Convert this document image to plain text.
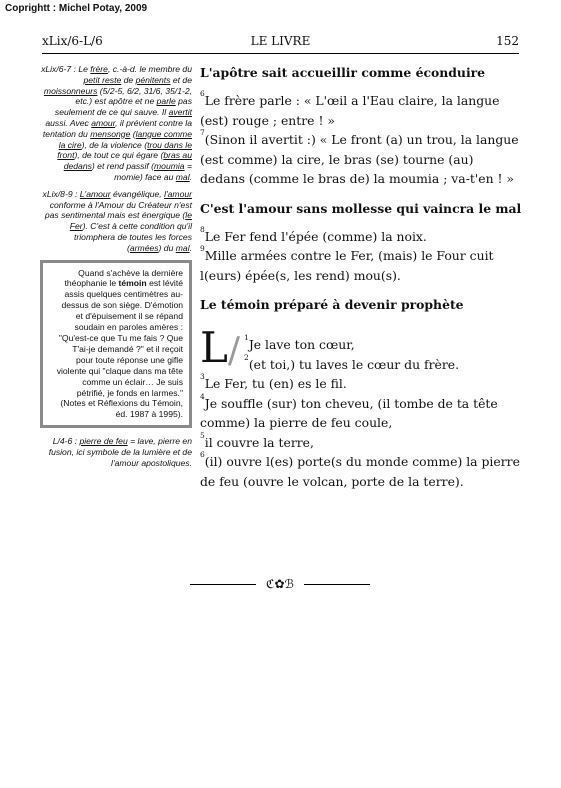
Coprightt : Michel Potay, 2009
xLix/6-L/6	LE LIVRE	152

xLix/6-7 : Le frère, c.-à-d. le membre du petit reste de pénitents et de moissonneurs (5/2-5, 6/2, 31/6, 35/1-2, etc.) est apôtre et ne parle pas seulement de ce qui sauve. Il avertit aussi. Avec amour, il prévient contre la tentation du mensonge (langue comme la cire), de la violence (trou dans le front), de tout ce qui égare (bras au dedans) et rend passif (moumia = momie) face au mal.

xLix/8-9 : L'amour évangélique, l'amour conforme à l'Amour du Créateur n'est pas sentimental mais est énergique (le Fer). C'est à cette condition qu'il triomphera de toutes les forces (armées) du mal.

Quand s'achève la dernière théophanie le témoin est lévité assis quelques centimètres au-dessus de son siège. D'émotion et d'épuisement il se répand soudain en paroles amères : "Qu'est-ce que Tu me fais ? Que T'ai-je demandé ?" et il reçoit pour toute réponse une gifle violente qui "claque dans ma tête comme un éclair… Je suis pétrifié, je fonds en larmes." (Notes et Réflexions du Témoin, éd. 1987 à 1995).

L/4-6 : pierre de feu = lave, pierre en fusion, ici symbole de la lumière et de l'amour apostoliques.

L'apôtre sait accueillir comme éconduire

$^6$Le frère parle : « L'œil a l'Eau claire, la langue (est) rouge ; entre ! »

$^7$(Sinon il avertit :) « Le front (a) un trou, la langue (est comme) la cire, le bras (se) tourne (au) dedans (comme le bras de) la moumia ; va-t'en ! »

C'est l'amour sans mollesse qui vaincra le mal

$^8$Le Fer fend l'épée (comme) la noix.

$^9$Mille armées contre le Fer, (mais) le Four cuit l(eurs) épée(s, les rend) mou(s).

Le témoin préparé à devenir prophète
L/ $^1$Je lave ton cœur,

$^2$(et toi,) tu laves le cœur du frère.

$^3$Le Fer, tu (en) es le fil.

$^4$Je souffle (sur) ton cheveu, (il tombe de ta tête comme) la pierre de feu coule,

$^5$il couvre la terre,

$^6$(il) ouvre l(es) porte(s du monde comme) la pierre de feu (ouvre le volcan, porte de la terre).

ℭ✿ℬ
